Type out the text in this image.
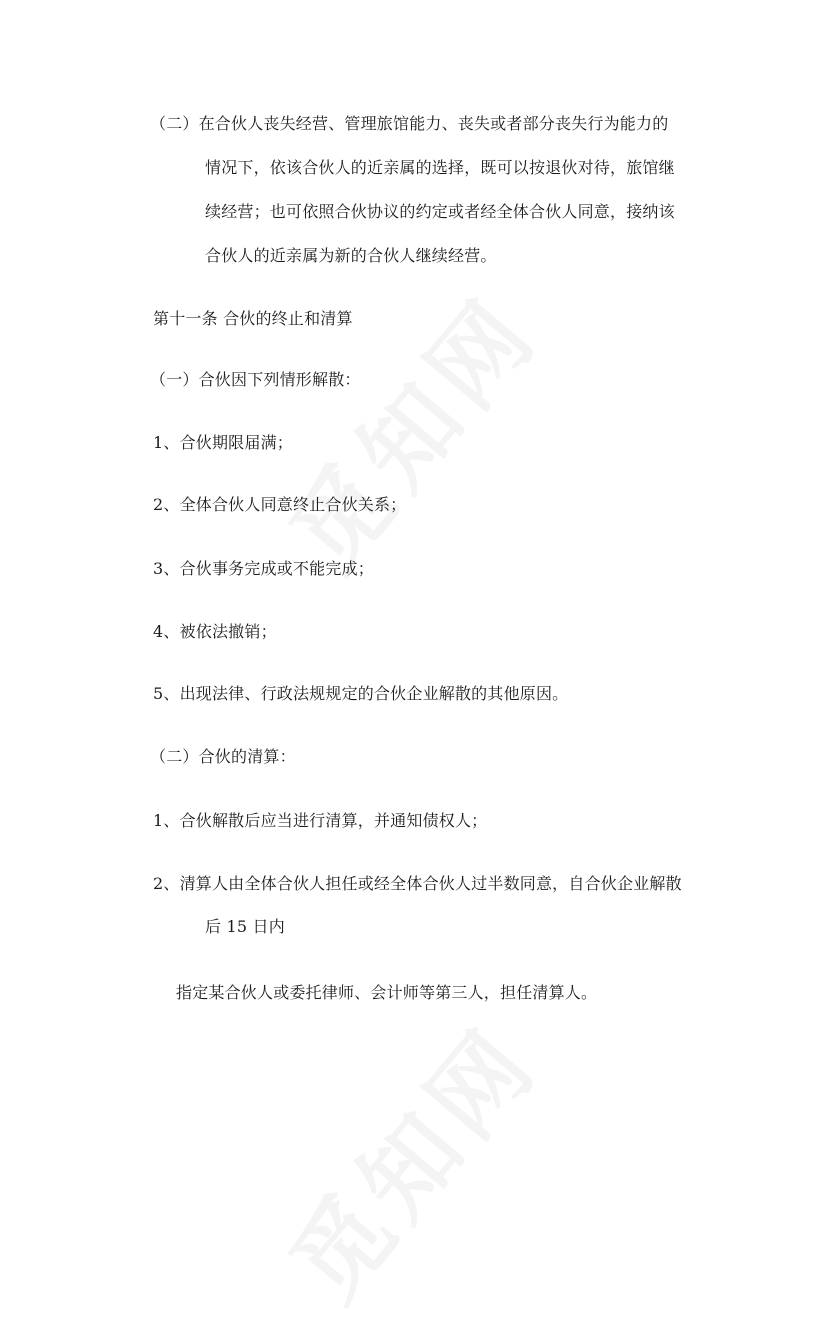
（二）在合伙人丧失经营、管理旅馆能力、丧失或者部分丧失行为能力的
情况下，依该合伙人的近亲属的选择，既可以按退伙对待，旅馆继
续经营；也可依照合伙协议的约定或者经全体合伙人同意，接纳该
合伙人的近亲属为新的合伙人继续经营。
第十一条 合伙的终止和清算
（一）合伙因下列情形解散：
1、合伙期限届满；
2、全体合伙人同意终止合伙关系；
3、合伙事务完成或不能完成；
4、被依法撤销；
5、出现法律、行政法规规定的合伙企业解散的其他原因。
（二）合伙的清算：
1、合伙解散后应当进行清算，并通知债权人；
2、清算人由全体合伙人担任或经全体合伙人过半数同意，自合伙企业解散
后 15 日内
指定某合伙人或委托律师、会计师等第三人，担任清算人。
